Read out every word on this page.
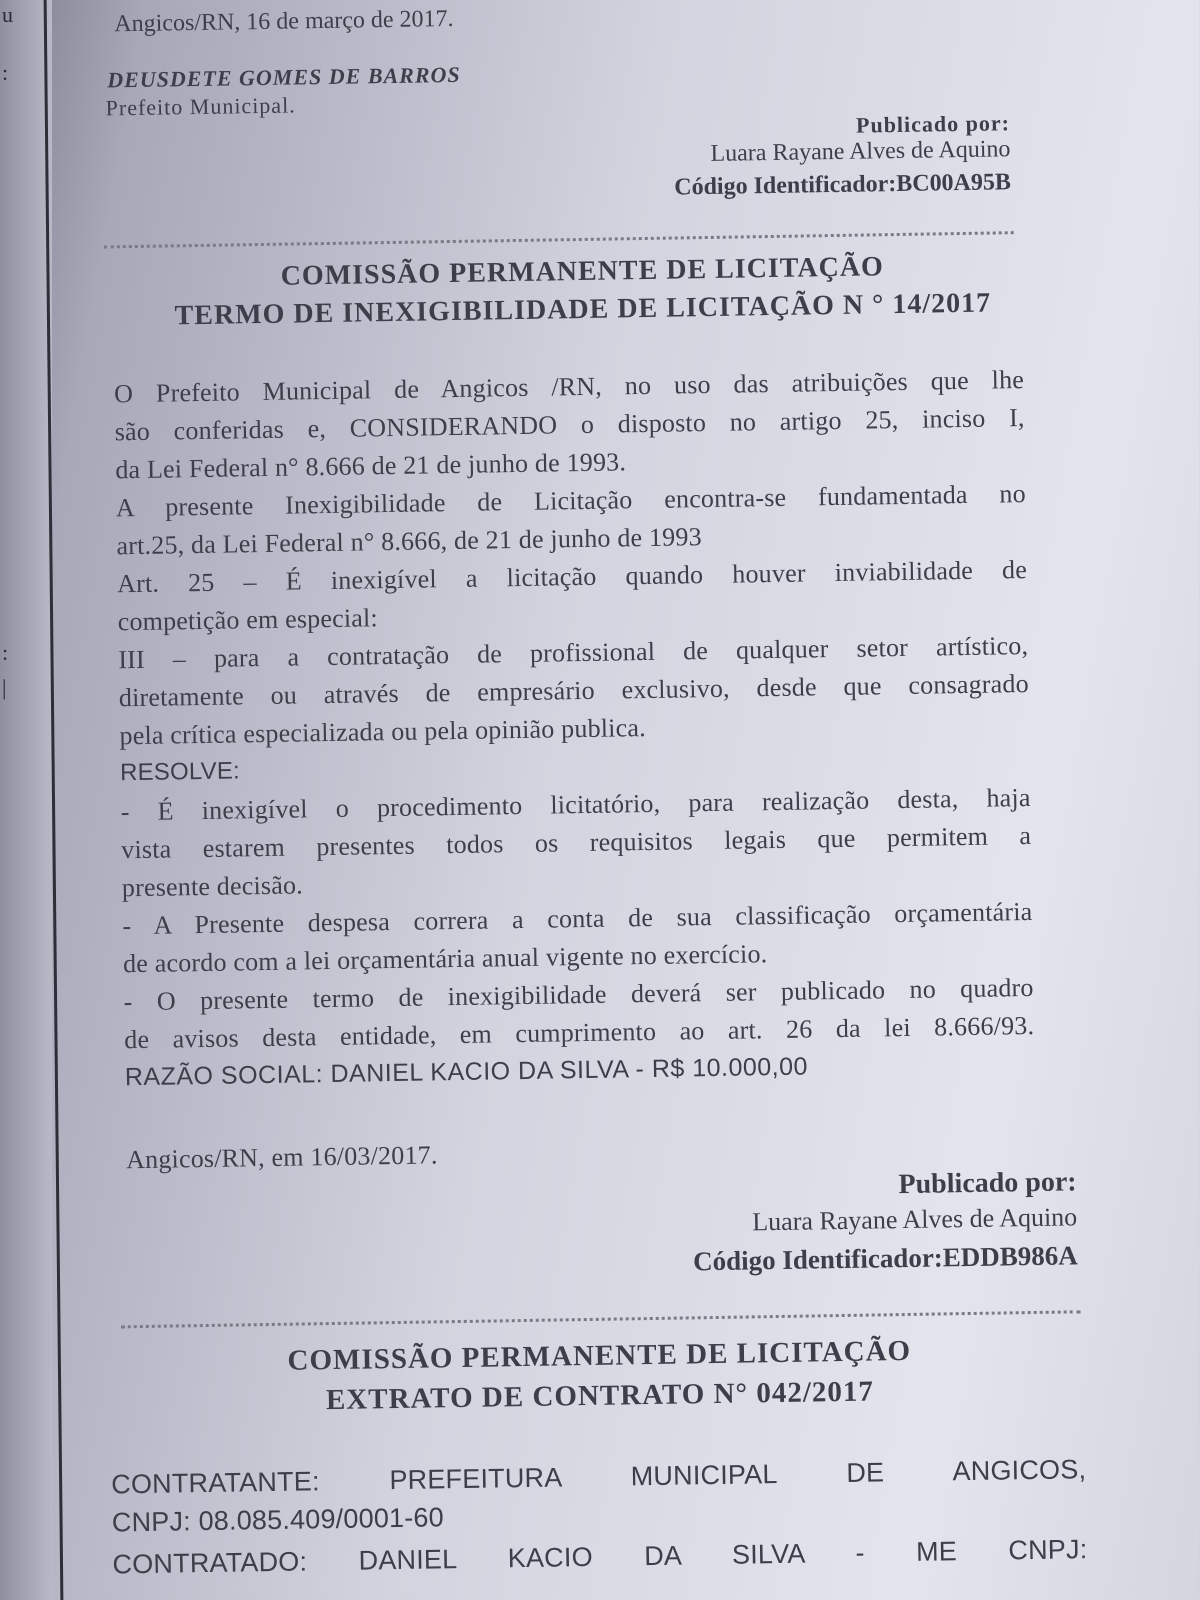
u
:
:
|
Angicos/RN, 16 de março de 2017.
DEUSDETE GOMES DE BARROS
Prefeito Municipal.
Publicado por:
Luara Rayane Alves de Aquino
Código Identificador:BC00A95B
COMISSÃO PERMANENTE DE LICITAÇÃO
TERMO DE INEXIGIBILIDADE DE LICITAÇÃO N ° 14/2017
O Prefeito Municipal de Angicos /RN, no uso das atribuições que lhe
são conferidas e, CONSIDERANDO o disposto no artigo 25, inciso I,
da Lei Federal n° 8.666 de 21 de junho de 1993.
A presente Inexigibilidade de Licitação encontra-se fundamentada no
art.25, da Lei Federal n° 8.666, de 21 de junho de 1993
Art. 25 – É inexigível a licitação quando houver inviabilidade de
competição em especial:
III – para a contratação de profissional de qualquer setor artístico,
diretamente ou através de empresário exclusivo, desde que consagrado
pela crítica especializada ou pela opinião publica.
RESOLVE:
- É inexigível o procedimento licitatório, para realização desta, haja
vista estarem presentes todos os requisitos legais que permitem a
presente decisão.
- A Presente despesa correra a conta de sua classificação orçamentária
de acordo com a lei orçamentária anual vigente no exercício.
- O presente termo de inexigibilidade deverá ser publicado no quadro
de avisos desta entidade, em cumprimento ao art. 26 da lei 8.666/93.
RAZÃO SOCIAL: DANIEL KACIO DA SILVA - R$ 10.000,00
Angicos/RN, em 16/03/2017.
Publicado por:
Luara Rayane Alves de Aquino
Código Identificador:EDDB986A
COMISSÃO PERMANENTE DE LICITAÇÃO
EXTRATO DE CONTRATO N° 042/2017
CONTRATANTE: PREFEITURA MUNICIPAL DE ANGICOS,
CNPJ: 08.085.409/0001-60
CONTRATADO: DANIEL KACIO DA SILVA - ME CNPJ:
